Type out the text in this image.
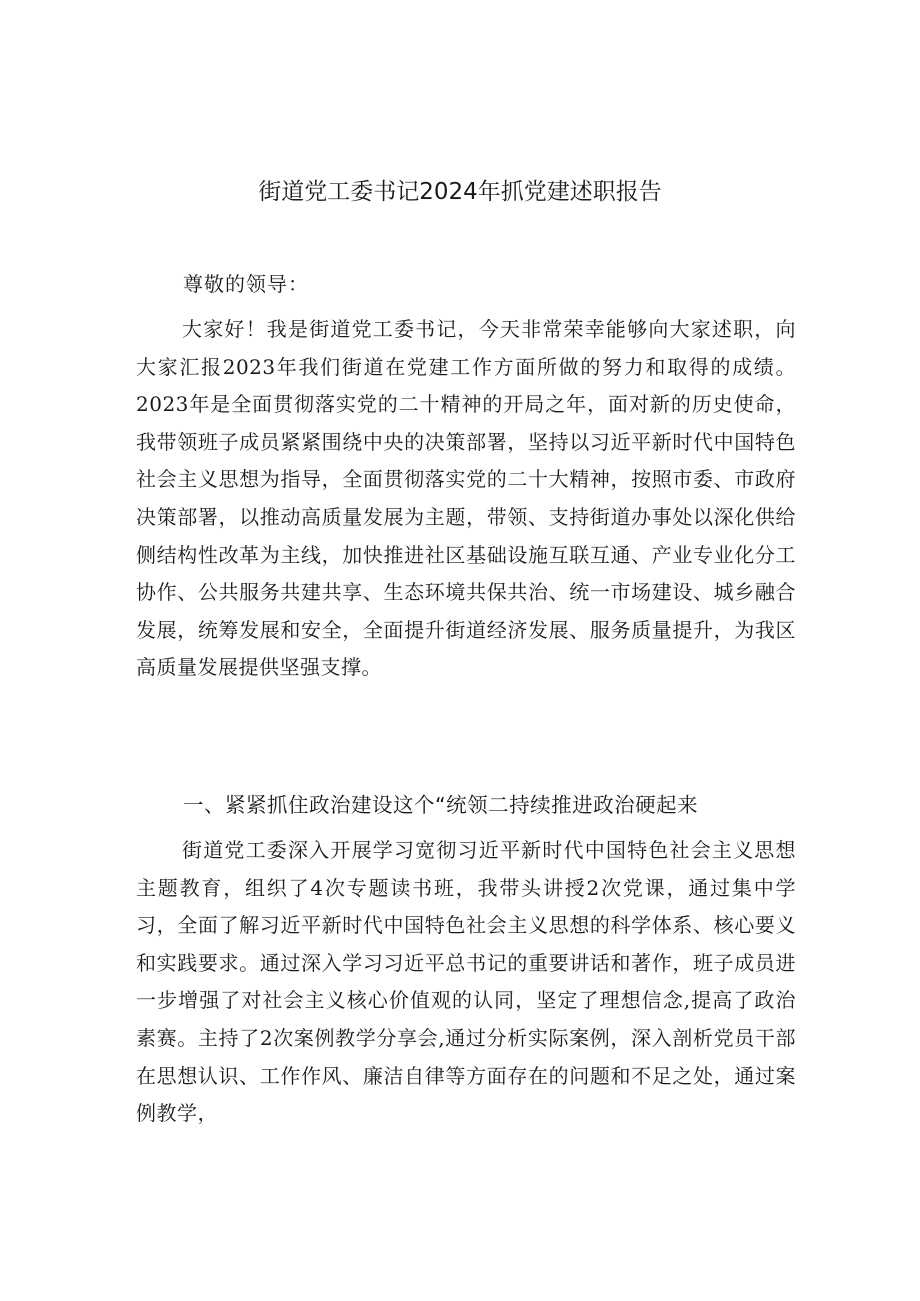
街道党工委书记2024年抓党建述职报告

尊敬的领导：

大家好！我是街道党工委书记，今天非常荣幸能够向大家述职，向大家汇报2023年我们街道在党建工作方面所做的努力和取得的成绩。2023年是全面贯彻落实党的二十精神的开局之年，面对新的历史使命，我带领班子成员紧紧围绕中央的决策部署，坚持以习近平新时代中国特色社会主义思想为指导，全面贯彻落实党的二十大精神，按照市委、市政府决策部署，以推动高质量发展为主题，带领、支持街道办事处以深化供给侧结构性改革为主线，加快推进社区基础设施互联互通、产业专业化分工协作、公共服务共建共享、生态环境共保共治、统一市场建设、城乡融合发展，统筹发展和安全，全面提升街道经济发展、服务质量提升，为我区高质量发展提供坚强支撑。

一、紧紧抓住政治建设这个“统领二持续推进政治硬起来

街道党工委深入开展学习宽彻习近平新时代中国特色社会主义思想主题教育，组织了4次专题读书班，我带头讲授2次党课，通过集中学习，全面了解习近平新时代中国特色社会主义思想的科学体系、核心要义和实践要求。通过深入学习习近平总书记的重要讲话和著作，班子成员进一步增强了对社会主义核心价值观的认同，坚定了理想信念,提高了政治素赛。主持了2次案例教学分享会,通过分析实际案例，深入剖析党员干部在思想认识、工作作风、廉洁自律等方面存在的问题和不足之处，通过案例教学，
